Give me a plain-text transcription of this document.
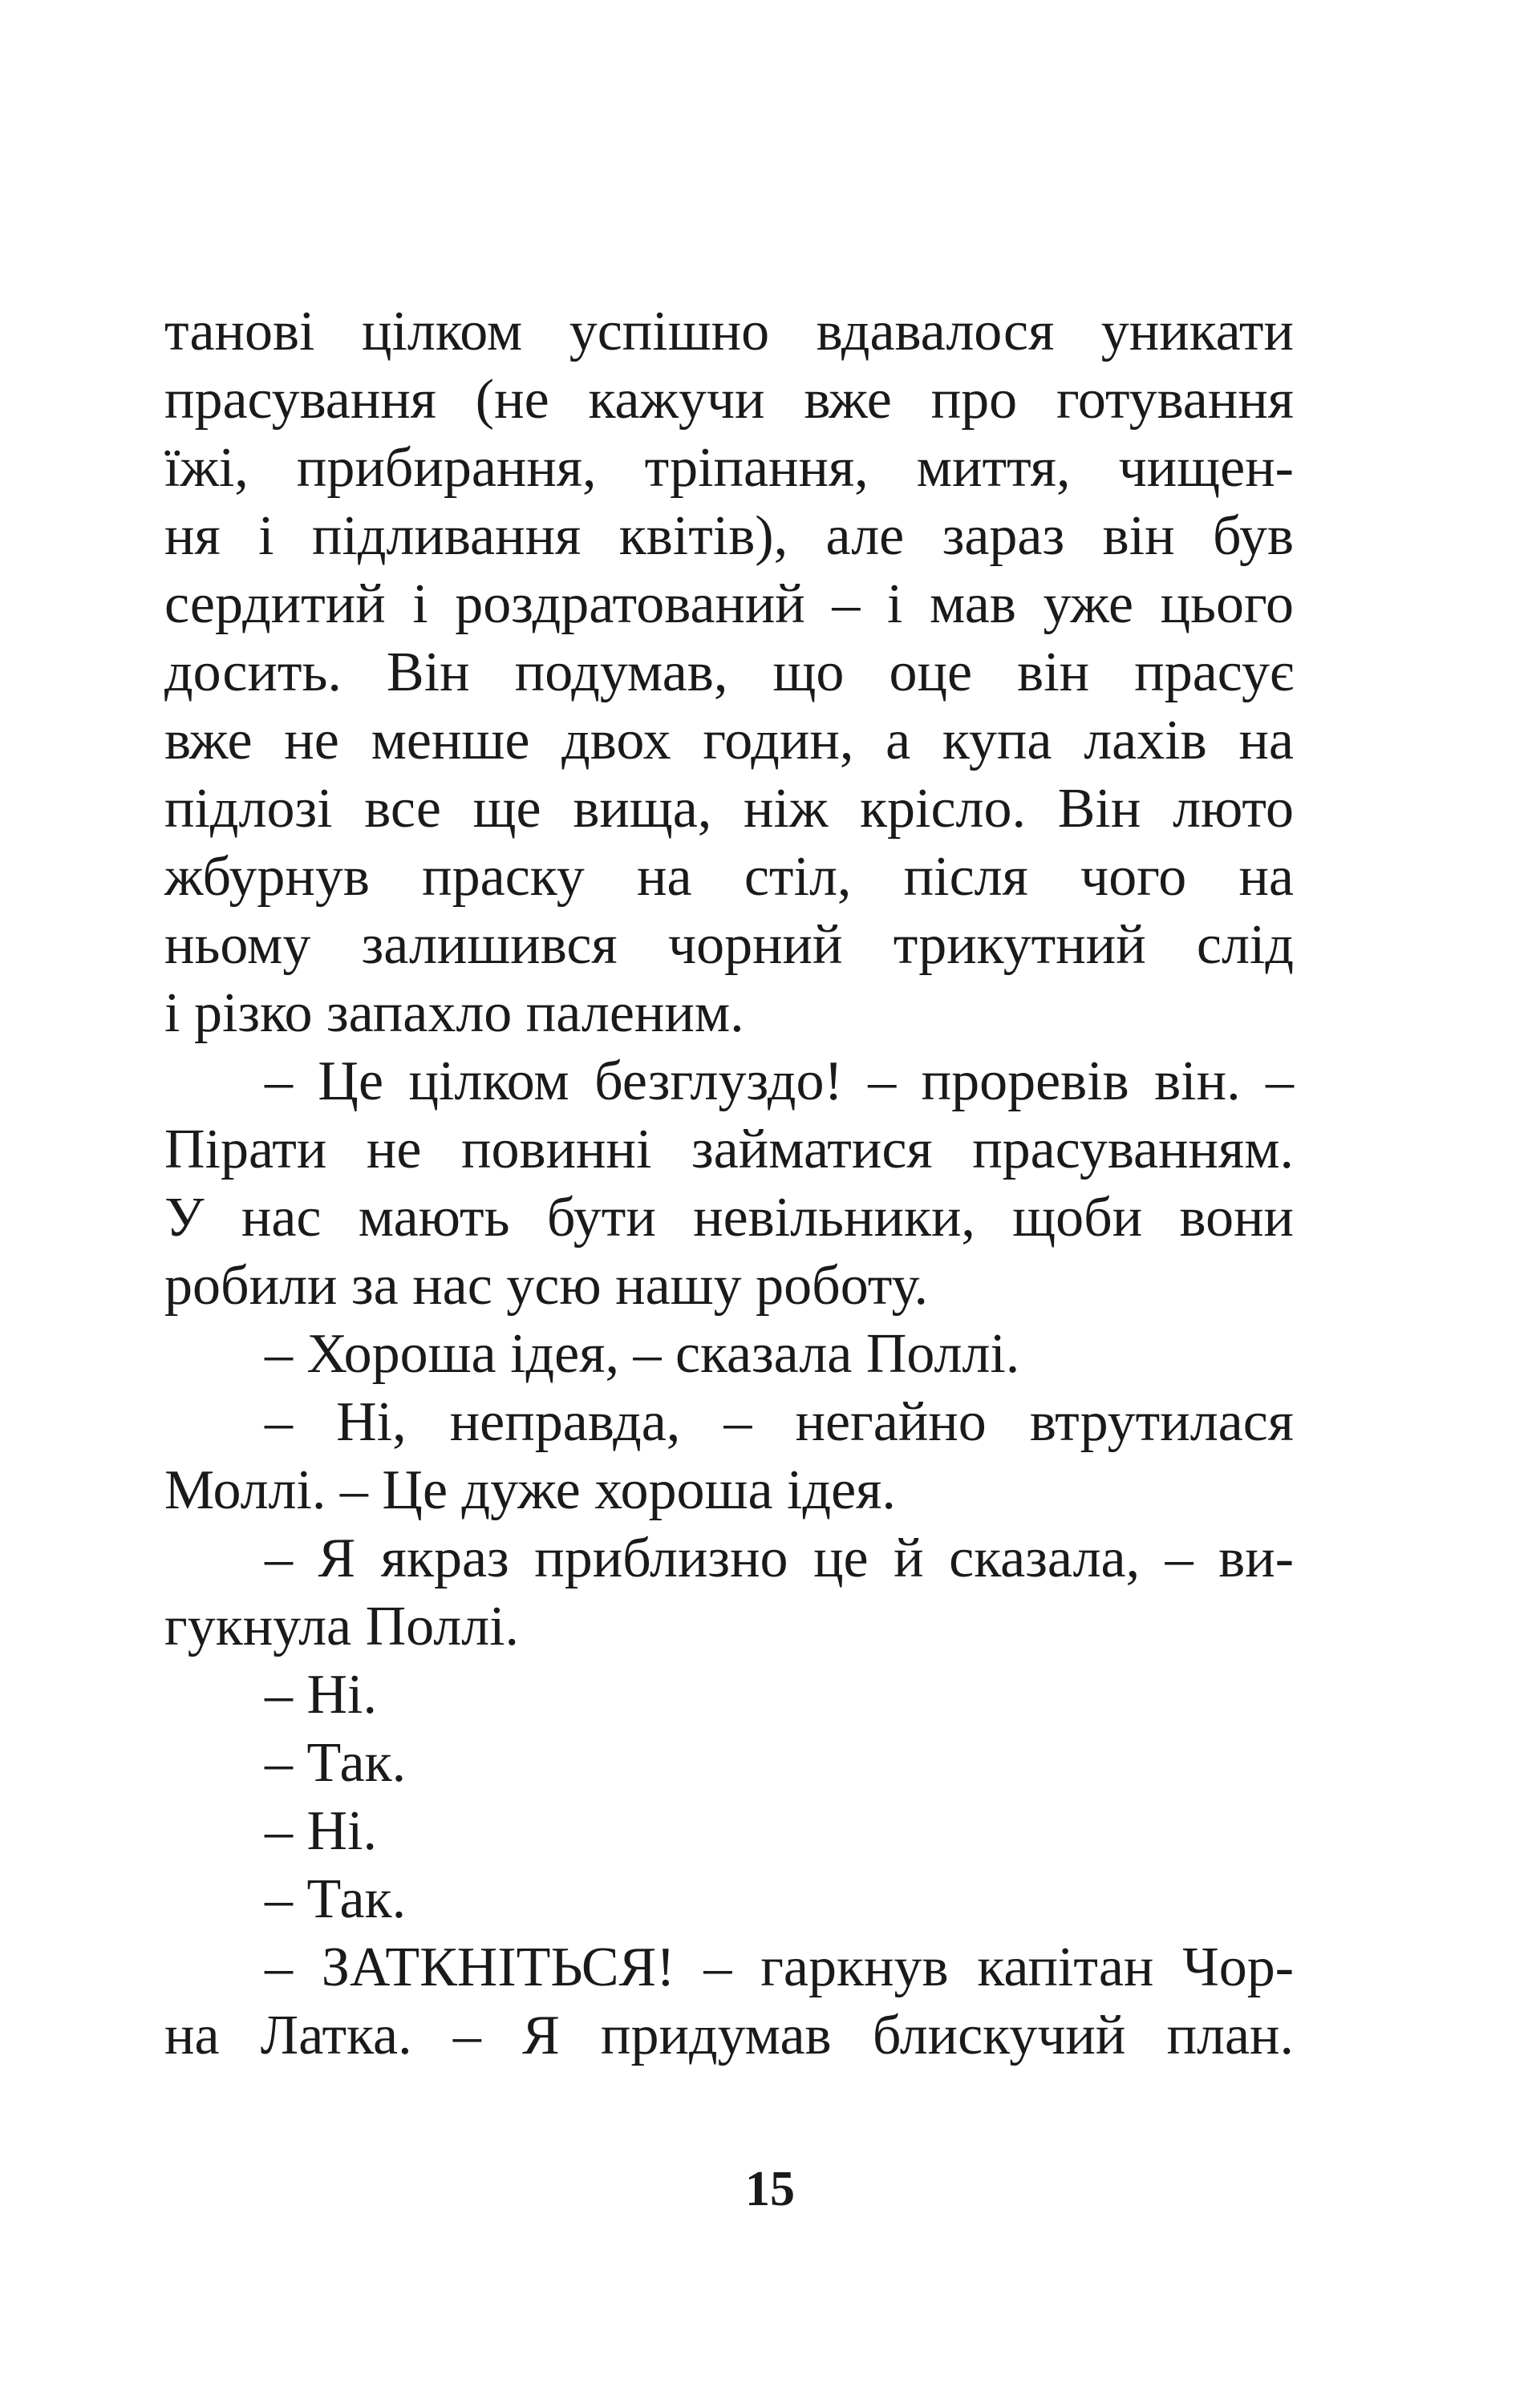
танові цілком успішно вдавалося уникати
прасування (не кажучи вже про готування
їжі, прибирання, тріпання, миття, чищен-
ня і підливання квітів), але зараз він був
сердитий і роздратований – і мав уже цього
досить. Він подумав, що оце він прасує
вже не менше двох годин, а купа лахів на
підлозі все ще вища, ніж крісло. Він люто
жбурнув праску на стіл, після чого на
ньому залишився чорний трикутний слід
і різко запахло паленим.
– Це цілком безглуздо! – проревів він. –
Пірати не повинні займатися прасуванням.
У нас мають бути невільники, щоби вони
робили за нас усю нашу роботу.
– Хороша ідея, – сказала Поллі.
– Ні, неправда, – негайно втрутилася
Моллі. – Це дуже хороша ідея.
– Я якраз приблизно це й сказала, – ви-
гукнула Поллі.
– Ні.
– Так.
– Ні.
– Так.
– ЗАТКНІТЬСЯ! – гаркнув капітан Чор-
на Латка. – Я придумав блискучий план.
15
